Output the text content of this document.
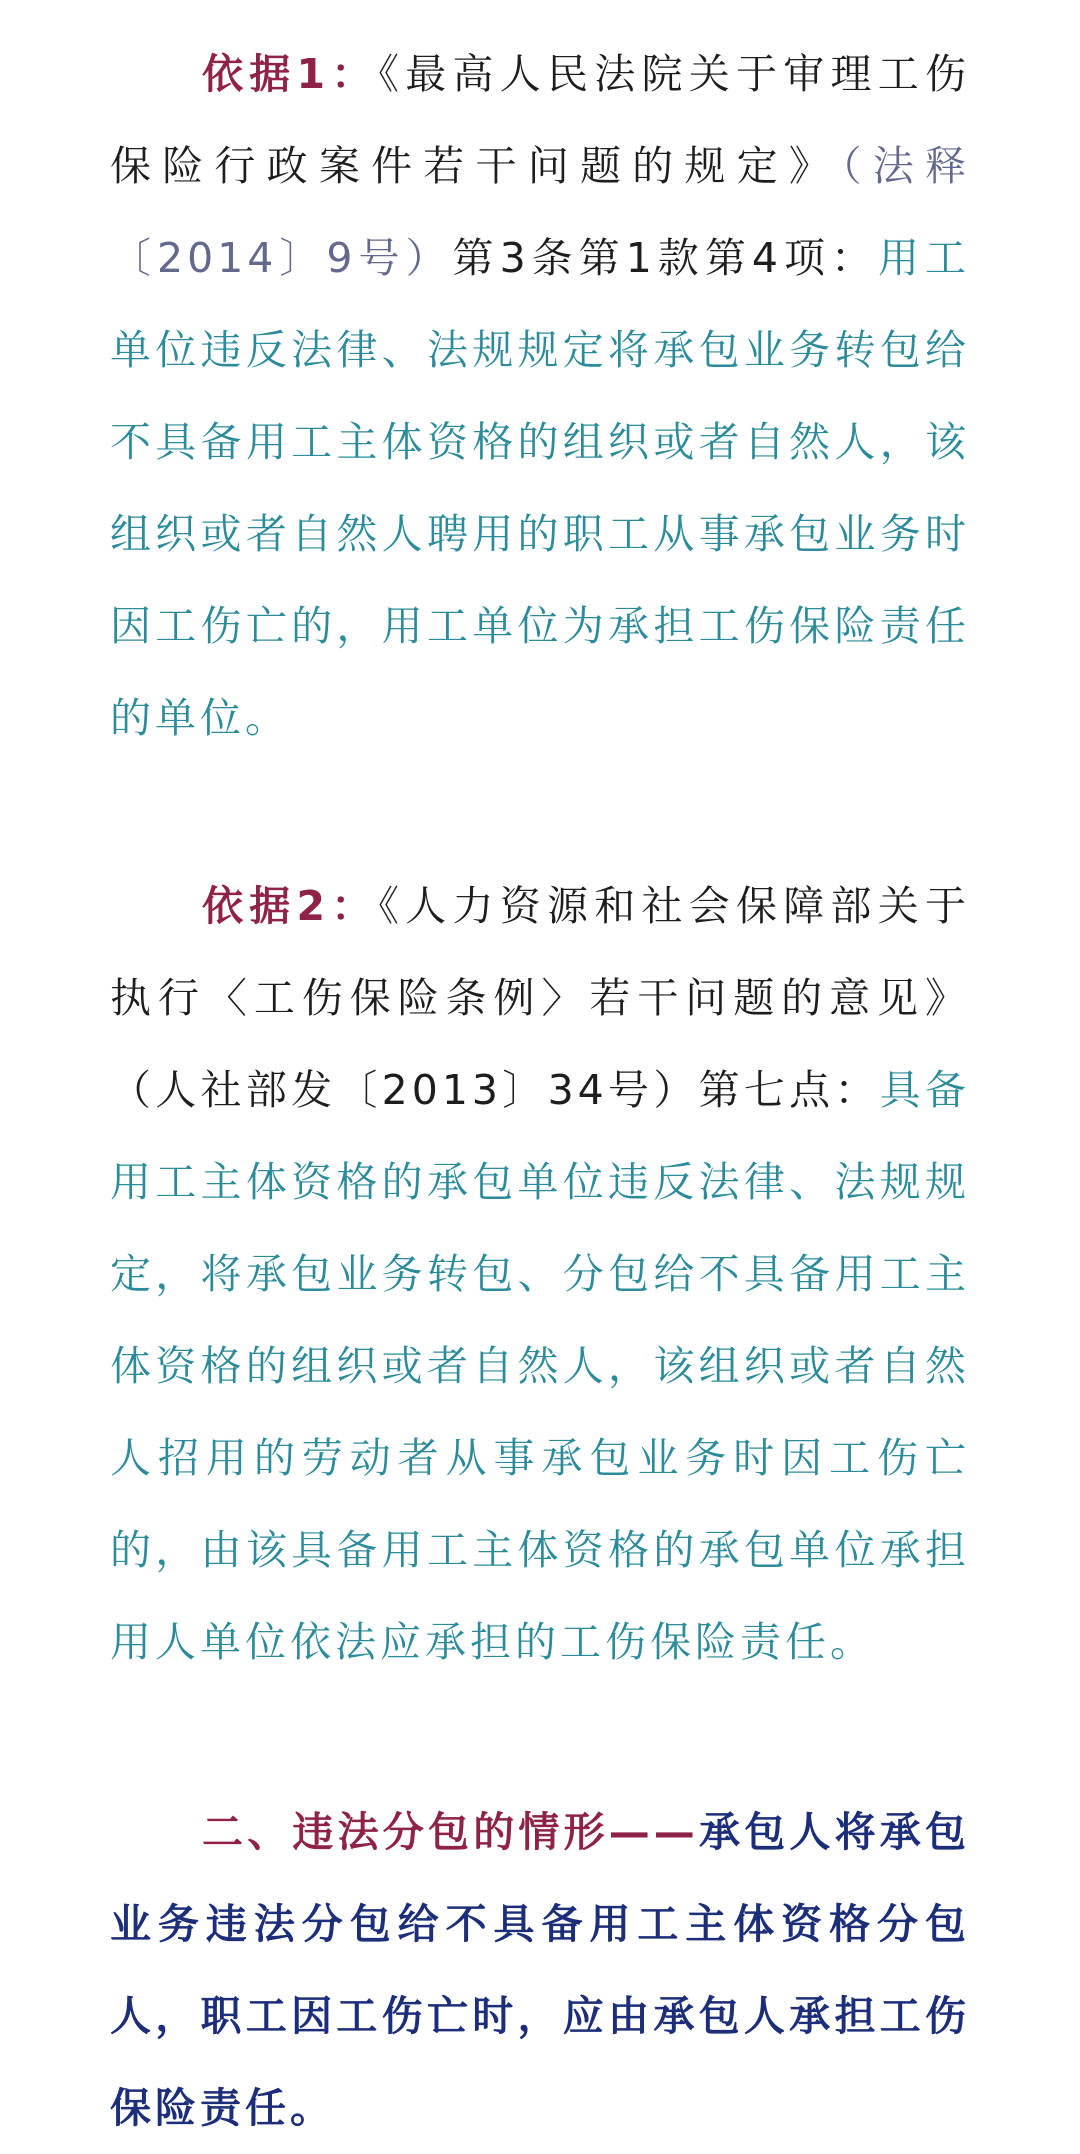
依据1：《最高人民法院关于审理工伤保险行政案件若干问题的规定》（法释〔2014〕9号）第3条第1款第4项：用工单位违反法律、法规规定将承包业务转包给不具备用工主体资格的组织或者自然人，该组织或者自然人聘用的职工从事承包业务时因工伤亡的，用工单位为承担工伤保险责任的单位。

依据2：《人力资源和社会保障部关于执行〈工伤保险条例〉若干问题的意见》（人社部发〔2013〕34号）第七点：具备用工主体资格的承包单位违反法律、法规规定，将承包业务转包、分包给不具备用工主体资格的组织或者自然人，该组织或者自然人招用的劳动者从事承包业务时因工伤亡的，由该具备用工主体资格的承包单位承担用人单位依法应承担的工伤保险责任。

二、违法分包的情形——承包人将承包业务违法分包给不具备用工主体资格分包人，职工因工伤亡时，应由承包人承担工伤保险责任。
